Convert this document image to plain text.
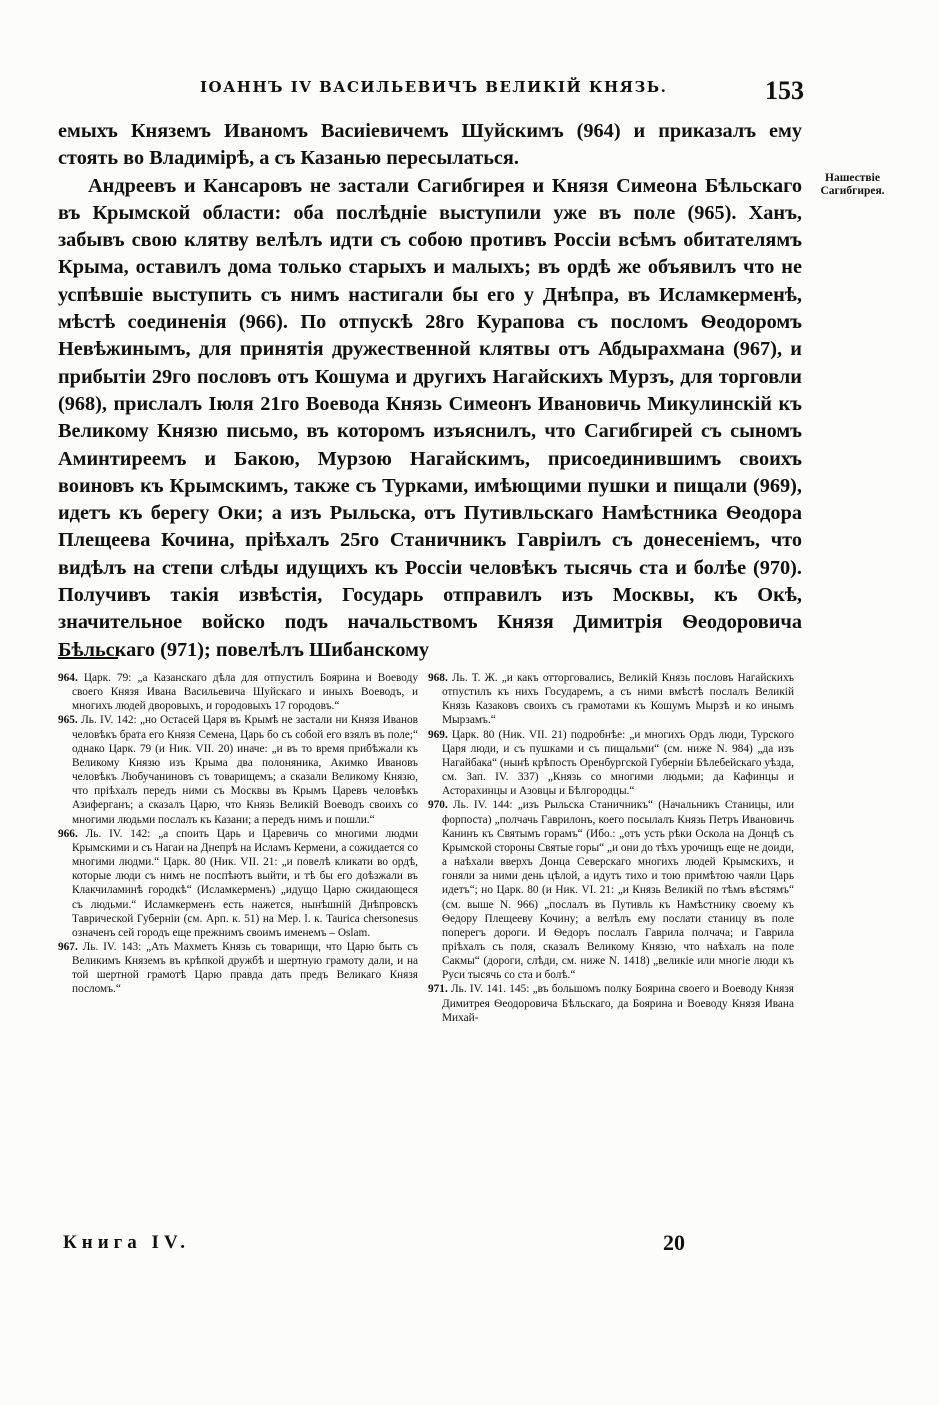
ІОАННЪ IV ВАСИЛЬЕВИЧЪ ВЕЛИКІЙ КНЯЗЬ.	153
Нашествіе Сагибгирея.

емыхъ Княземъ Иваномъ Васиіевичемъ Шуйскимъ (964) и приказалъ ему стоять во Владимірѣ, а съ Казанью пересылаться.

Андреевъ и Кансаровъ не застали Сагибгирея и Князя Симеона Бѣльскаго въ Крымской области: оба послѣдніе выступили уже въ поле (965). Ханъ, забывъ свою клятву велѣлъ идти съ собою противъ Россіи всѣмъ обитателямъ Крыма, оставилъ дома только старыхъ и малыхъ; въ ордѣ же объявилъ что не успѣвшіе выступить съ нимъ настигали бы его у Днѣпра, въ Исламкерменѣ, мѣстѣ соединенія (966). По отпускѣ 28го Курапова съ посломъ Ѳеодоромъ Невѣжинымъ, для принятія дружественной клятвы отъ Абдырахмана (967), и прибытіи 29го пословъ отъ Кошума и другихъ Нагайскихъ Мурзъ, для торговли (968), прислалъ Іюля 21го Воевода Князь Симеонъ Ивановичь Микулинскій къ Великому Князю письмо, въ которомъ изъяснилъ, что Сагибгирей съ сыномъ Аминтиреемъ и Бакою, Мурзою Нагайскимъ, присоединившимъ своихъ воиновъ къ Крымскимъ, также съ Турками, имѣющими пушки и пищали (969), идетъ къ берегу Оки; а изъ Рыльска, отъ Путивльскаго Намѣстника Ѳеодора Плещеева Кочина, пріѣхалъ 25го Станичникъ Гавріилъ съ донесеніемъ, что видѣлъ на степи слѣды идущихъ къ Россіи человѣкъ тысячь ста и болѣе (970). Получивъ такія извѣстія, Государь отправилъ изъ Москвы, къ Окѣ, значительное войско подъ начальствомъ Князя Димитрія Ѳеодоровича Бѣльскаго (971); повелѣлъ Шибанскому

964. Цapк. 79: „а Казанскаго дѣла для отпустилъ Боярина и Воеводу своего Князя Ивана Васильевича Шуйскаго и иныхъ Воеводъ, и многихъ людей дворовыхъ, и городовыхъ 17 городовъ.“

965. Ль. IV. 142: „но Остасей Царя въ Крымѣ не застали ни Князя Иванов человѣкъ брата его Князя Семена, Царь бо съ собой его взялъ въ поле;“ однако Царк. 79 (и Ник. VII. 20) иначе: „и въ то время прибѣжали къ Великому Князю изъ Крыма два полоняника, Акимко Ивановъ человѣкъ Любучаниновъ съ товарищемъ; а сказали Великому Князю, что пріѣхалъ передъ ними съ Москвы въ Крымъ Царевъ человѣкъ Азиферганъ; а сказалъ Царю, что Князь Великій Воеводъ своихъ со многими людьми послалъ къ Казани; а передъ нимъ и пошли.“

966. Ль. IV. 142: „а споить Царь и Царевичь со многими людми Крымскими и съ Нагаи на Днепрѣ на Исламъ Кермени, а сожидается со многими людми.“ Царк. 80 (Ник. VII. 21: „и повелѣ кликати во ордѣ, которые люди съ нимъ не поспѣютъ выйти, и тѣ бы его доѣзжали въ Клакчиламинѣ городкѣ“ (Исламкерменъ) „идущо Царю сжидающеся съ людьми.“ Исламкерменъ есть нажется, нынѣшній Днѣпровскъ Таврической Губерніи (см. Арп. к. 51) на Мер. l. к. Taurica chersonesus означенъ сей городъ еще прежнимъ своимъ именемъ – Oslam.

967. Ль. IV. 143: „Ать Махметъ Князь съ товарищи, что Царю быть съ Великимъ Княземъ въ крѣпкой дружбѣ и шертную грамоту дали, и на той шертной грамотѣ Царю правда дать предъ Великаго Князя посломъ.“

968. Ль. Т. Ж. „и какъ отторговались, Великій Князь пословъ Нагайскихъ отпустилъ къ нихъ Государемъ, а съ ними вмѣстѣ послалъ Великій Князь Казаковъ своихъ съ грамотами къ Кошумъ Мырзѣ и ко инымъ Мырзамъ.“

969. Царк. 80 (Ник. VII. 21) подробнѣе: „и многихъ Ордъ люди, Турского Царя люди, и съ пушками и съ пищальми“ (см. ниже N. 984) „да изъ Нагайбака“ (нынѣ крѣпость Оренбургской Губерніи Бѣлебейскаго уѣзда, см. Зап. IV. 337) „Князь со многими людьми; да Кафинцы и Асторахинцы и Азовцы и Бѣлгородцы.“

970. Ль. IV. 144: „изъ Рыльска Станичникъ“ (Начальникъ Станицы, или форпоста) „полчачь Гаврилонъ, коего посылалъ Князь Петръ Ивановичь Канинъ къ Святымъ горамъ“ (Ибо.: „отъ усть рѣки Оскола на Донцѣ съ Крымской стороны Святые горы“ „и они до тѣхъ урочищъ еще не доиди, а наѣхали вверхъ Донца Северскаго многихъ людей Крымскихъ, и гоняли за ними день цѣлой, а идутъ тихо и тою примѣтою чаяли Царь идетъ“; но Царк. 80 (и Ник. VI. 21: „и Князь Великій по тѣмъ вѣстямъ“ (см. выше N. 966) „послалъ въ Путивль къ Намѣстнику своему къ Ѳедору Плещееву Кочину; а велѣлъ ему послати станицу въ поле поперегъ дороги. И Ѳедоръ послалъ Гаврила полчача; и Гаврила пріѣхалъ съ поля, сказалъ Великому Князю, что наѣхалъ на поле Сакмы“ (дороги, слѣди, см. ниже N. 1418) „великіе или многіе люди къ Руси тысячь со ста и болѣ.“

971. Ль. IV. 141. 145: „въ большомъ полку Боярина своего и Воеводу Князя Димитрея Ѳеодоровича Бѣльскаго, да Боярина и Воеводу Князя Ивана Михай-

Книга IV.	20
